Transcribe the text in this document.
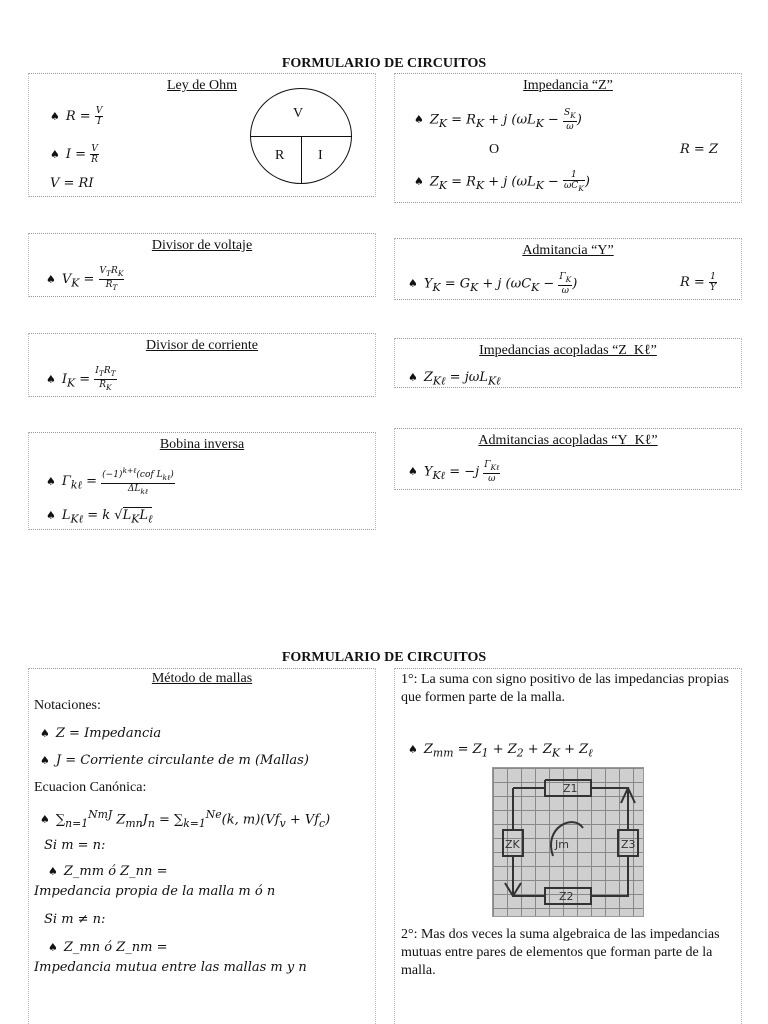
FORMULARIO DE CIRCUITOS
Ley de Ohm
♠ $R = \frac{V}{I}$
♠ $I = \frac{V}{R}$
V = RI
V
R I
Impedancia “Z”
♠ $Z_K = R_K + j$ ($\omega L_K - \frac{S_K}{\omega}$ )
O	R = Z
♠ $Z_K = R_K + j$ ($\omega L_K - \frac{1}{\omega C_K}$ )
Divisor de voltaje
♠ $V_K = \frac{V_TR_K}{R_T}$
Admitancia “Y”
♠ $Y_K = G_K + j$ ($\omega C_K - \frac{\Gamma_K}{\omega}$ )	$R = \frac{1}{Y}$
Divisor de corriente
♠ $I_K = \frac{I_TR_T}{R_K}$
Impedancias acopladas “Z_Kℓ”
♠ $Z_{K\ell} = j\omega L_{K\ell}$
Bobina inversa
♠ $\Gamma_{k\ell} = \frac{(-1)^{k+\ell}(cof L_{k\ell})}{\Delta L_{k\ell}}$
♠ $L_{K\ell} = k$ $√L_KL_\ell$
Admitancias acopladas “Y_Kℓ”
♠ $Y_{K\ell} = -j \frac{\Gamma_{K\ell}}{\omega}$
FORMULARIO DE CIRCUITOS
Método de mallas
Notaciones:
♠ Z = Impedancia
♠ J = Corriente circulante de m (Mallas)
Ecuacion Canónica:
♠ $\sum_{n=1}^{NmJ}$ $Z_{mn}J_n = \sum_{k=1}^{Ne}(k$, $m)(Vf_v + Vf_c)$
Si m = n:
♠ Z_mm ó Z_nn =
Impedancia propia de la malla m ó n
Si m ≠ n:
♠ Z_mn ó Z_nm =
Impedancia mutua entre las mallas m y n
1°: La suma con signo positivo de las impedancias propias que formen parte de la malla.
♠ $Z_{mm} = Z_1 + Z_2 + Z_K + Z_\ell$
Z1
ZK	Jm
Z2
Z3
2°: Mas dos veces la suma algebraica de las impedancias mutuas entre pares de elementos que forman parte de la malla.
